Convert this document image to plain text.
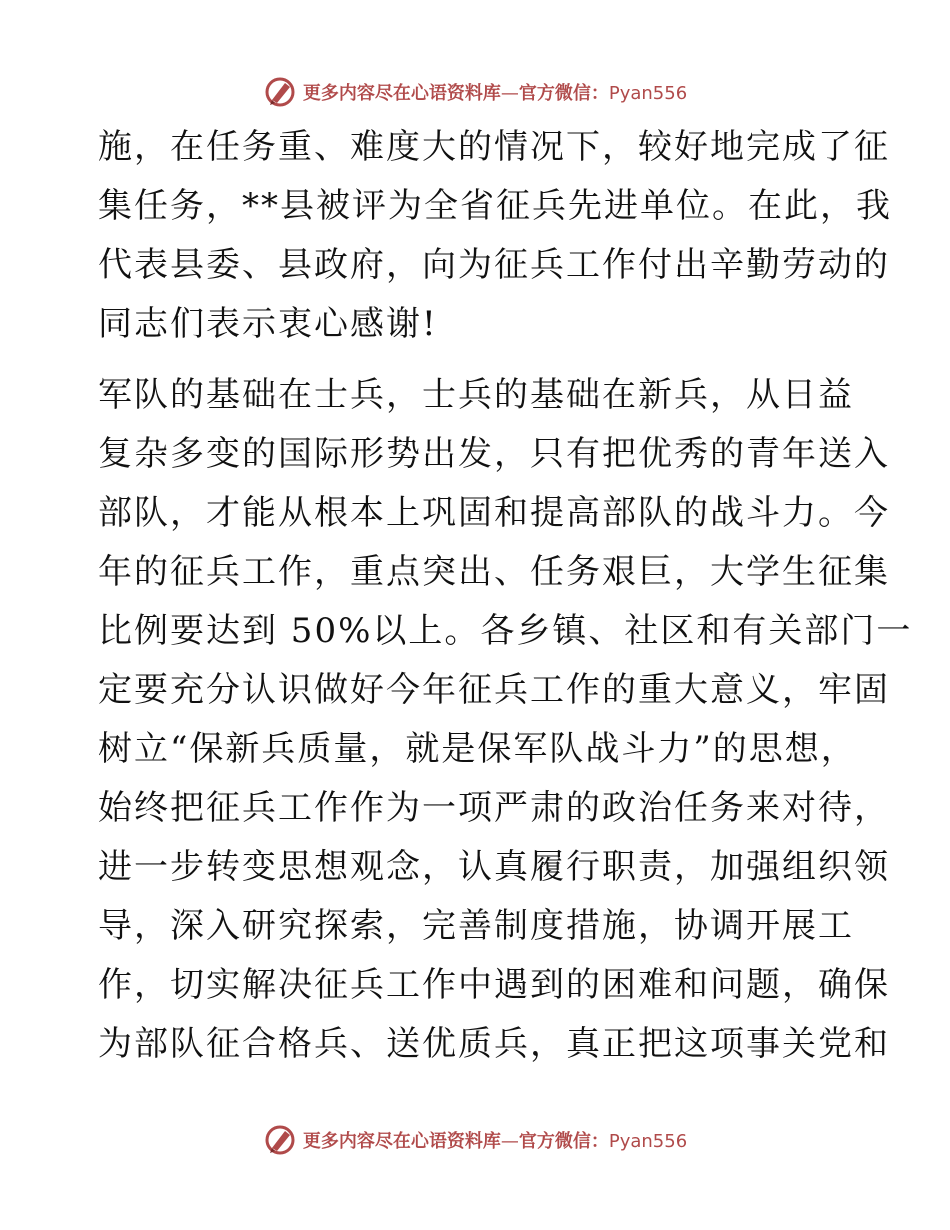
更多内容尽在心语资料库—官方微信：Pyan556
施，在任务重、难度大的情况下，较好地完成了征
集任务，**县被评为全省征兵先进单位。在此，我
代表县委、县政府，向为征兵工作付出辛勤劳动的
同志们表示衷心感谢!
军队的基础在士兵，士兵的基础在新兵，从日益
复杂多变的国际形势出发，只有把优秀的青年送入
部队，才能从根本上巩固和提高部队的战斗力。今
年的征兵工作，重点突出、任务艰巨，大学生征集
比例要达到 50%以上。各乡镇、社区和有关部门一
定要充分认识做好今年征兵工作的重大意义，牢固
树立“保新兵质量，就是保军队战斗力”的思想，
始终把征兵工作作为一项严肃的政治任务来对待，
进一步转变思想观念，认真履行职责，加强组织领
导，深入研究探索，完善制度措施，协调开展工
作，切实解决征兵工作中遇到的困难和问题，确保
为部队征合格兵、送优质兵，真正把这项事关党和
更多内容尽在心语资料库—官方微信：Pyan556
